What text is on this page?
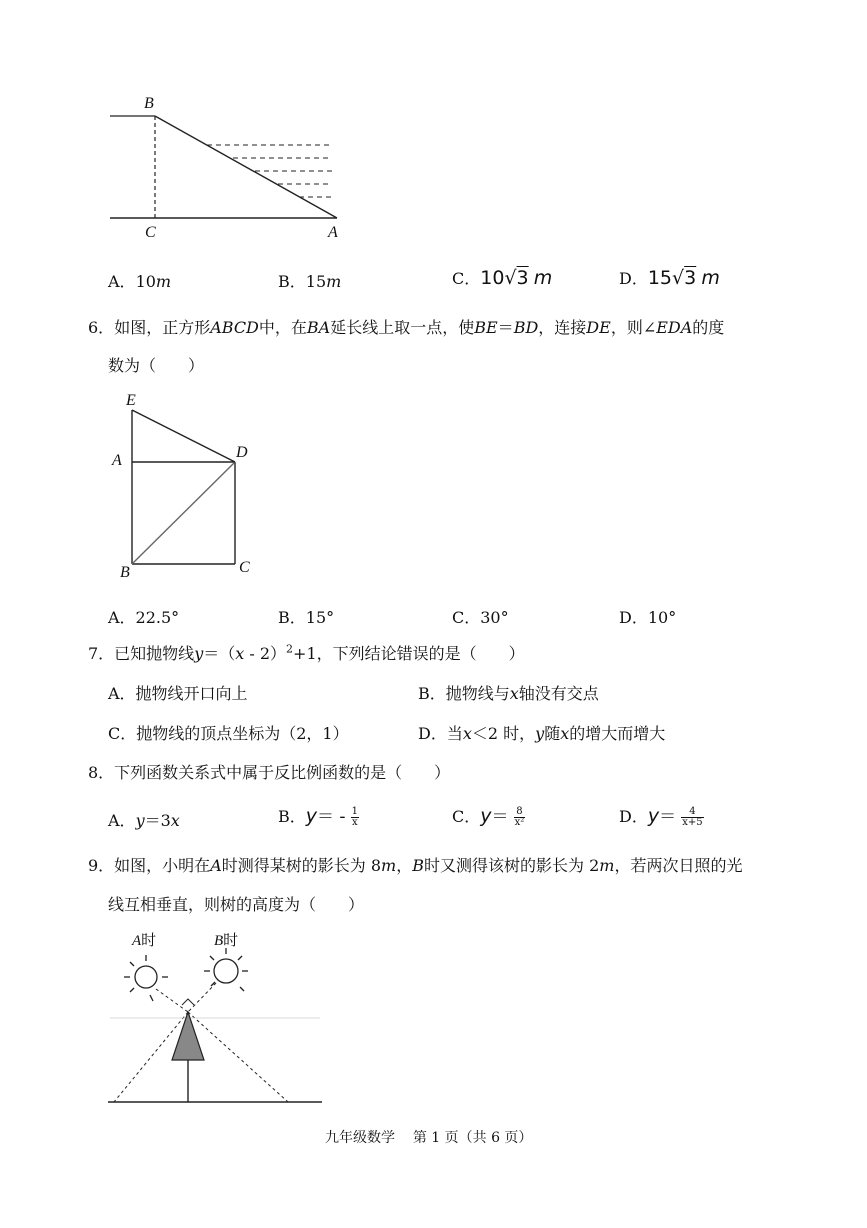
B
C	A
A．10m	B．15m	C．10√3 m	D．15√3 m
6．如图，正方形ABCD中，在BA延长线上取一点，使BE＝BD，连接DE，则∠EDA的度
数为（　　）
E
A	D
B	C
A．22.5°	B．15°	C．30°	D．10°
7．已知抛物线y＝（x - 2）$^2$+1，下列结论错误的是（　　）
A．抛物线开口向上	B．抛物线与x轴没有交点
C．抛物线的顶点坐标为（2，1）	D．当x＜2 时，y随x的增大而增大
8．下列函数关系式中属于反比例函数的是（　　）
A．y＝3x	B．$y= - \frac{1}{x}$	C．$y= \frac{8}{\text{x²}}$	D．$y= \frac{4}{x+5}$
9．如图，小明在A时测得某树的影长为 8m，B时又测得该树的影长为 2m，若两次日照的光
线互相垂直，则树的高度为（　　）
A时	B时
九年级数学 第 1 页（共 6 页）
